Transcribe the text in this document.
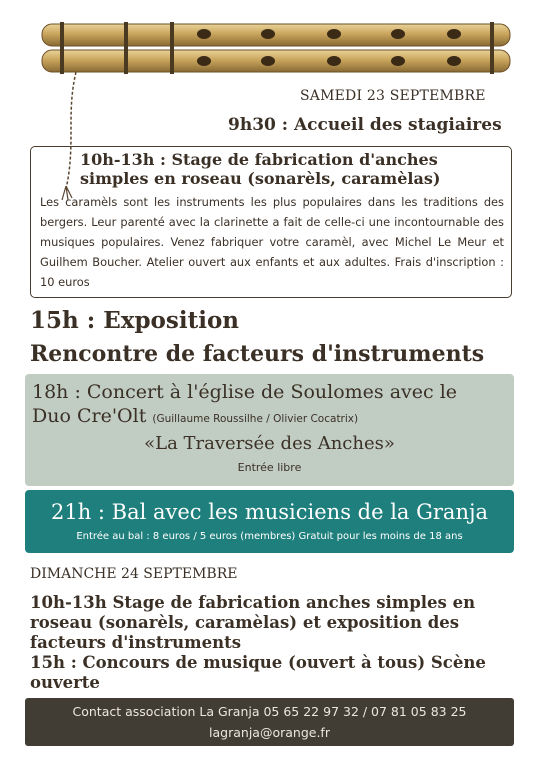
SAMEDI 23 SEPTEMBRE
9h30 : Accueil des stagiaires
10h-13h : Stage de fabrication d'anches
simples en roseau (sonarèls, caramèlas)
Les caramèls sont les instruments les plus populaires dans les traditions des bergers. Leur parenté avec la clarinette a fait de celle-ci une incontournable des musiques populaires. Venez fabriquer votre caramèl, avec Michel Le Meur et Guilhem Boucher. Atelier ouvert aux enfants et aux adultes. Frais d'inscription : 10 euros
15h : Exposition
Rencontre de facteurs d'instruments
18h : Concert à l'église de Soulomes avec le
Duo Cre'Olt (Guillaume Roussilhe / Olivier Cocatrix)
«La Traversée des Anches»
Entrée libre
21h : Bal avec les musiciens de la Granja
Entrée au bal : 8 euros / 5 euros (membres) Gratuit pour les moins de 18 ans
DIMANCHE 24 SEPTEMBRE
10h-13h Stage de fabrication anches simples en
roseau (sonarèls, caramèlas) et exposition des
facteurs d'instruments
15h : Concours de musique (ouvert à tous) Scène
ouverte
Contact association La Granja 05 65 22 97 32 / 07 81 05 83 25
lagranja@orange.fr
